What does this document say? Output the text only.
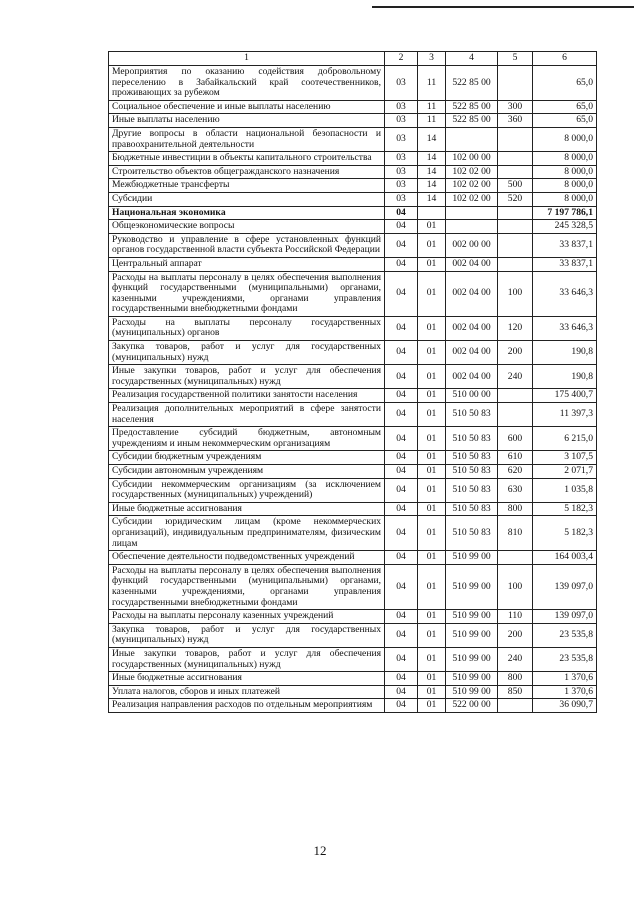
1	2	3	4	5	6
Мероприятия по оказанию содействия добровольному переселению в Забайкальский край соотечественников, проживающих за рубежом	03	11	522 85 00		65,0
Социальное обеспечение и иные выплаты населению	03	11	522 85 00	300	65,0
Иные выплаты населению	03	11	522 85 00	360	65,0
Другие вопросы в области национальной безопасности и правоохранительной деятельности	03	14			8 000,0
Бюджетные инвестиции в объекты капитального строительства	03	14	102 00 00		8 000,0
Строительство объектов общегражданского назначения	03	14	102 02 00		8 000,0
Межбюджетные трансферты	03	14	102 02 00	500	8 000,0
Субсидии	03	14	102 02 00	520	8 000,0
Национальная экономика	04				7 197 786,1
Общеэкономические вопросы	04	01			245 328,5
Руководство и управление в сфере установленных функций органов государственной власти субъекта Российской Федерации	04	01	002 00 00		33 837,1
Центральный аппарат	04	01	002 04 00		33 837,1
Расходы на выплаты персоналу в целях обеспечения выполнения функций государственными (муниципальными) органами, казенными учреждениями, органами управления государственными внебюджетными фондами	04	01	002 04 00	100	33 646,3
Расходы на выплаты персоналу государственных (муниципальных) органов	04	01	002 04 00	120	33 646,3
Закупка товаров, работ и услуг для государственных (муниципальных) нужд	04	01	002 04 00	200	190,8
Иные закупки товаров, работ и услуг для обеспечения государственных (муниципальных) нужд	04	01	002 04 00	240	190,8
Реализация государственной политики занятости населения	04	01	510 00 00		175 400,7
Реализация дополнительных мероприятий в сфере занятости населения	04	01	510 50 83		11 397,3
Предоставление субсидий бюджетным, автономным учреждениям и иным некоммерческим организациям	04	01	510 50 83	600	6 215,0
Субсидии бюджетным учреждениям	04	01	510 50 83	610	3 107,5
Субсидии автономным учреждениям	04	01	510 50 83	620	2 071,7
Субсидии некоммерческим организациям (за исключением государственных (муниципальных) учреждений)	04	01	510 50 83	630	1 035,8
Иные бюджетные ассигнования	04	01	510 50 83	800	5 182,3
Субсидии юридическим лицам (кроме некоммерческих организаций), индивидуальным предпринимателям, физическим лицам	04	01	510 50 83	810	5 182,3
Обеспечение деятельности подведомственных учреждений	04	01	510 99 00		164 003,4
Расходы на выплаты персоналу в целях обеспечения выполнения функций государственными (муниципальными) органами, казенными учреждениями, органами управления государственными внебюджетными фондами	04	01	510 99 00	100	139 097,0
Расходы на выплаты персоналу казенных учреждений	04	01	510 99 00	110	139 097,0
Закупка товаров, работ и услуг для государственных (муниципальных) нужд	04	01	510 99 00	200	23 535,8
Иные закупки товаров, работ и услуг для обеспечения государственных (муниципальных) нужд	04	01	510 99 00	240	23 535,8
Иные бюджетные ассигнования	04	01	510 99 00	800	1 370,6
Уплата налогов, сборов и иных платежей	04	01	510 99 00	850	1 370,6
Реализация направления расходов по отдельным мероприятиям	04	01	522 00 00		36 090,7
12
